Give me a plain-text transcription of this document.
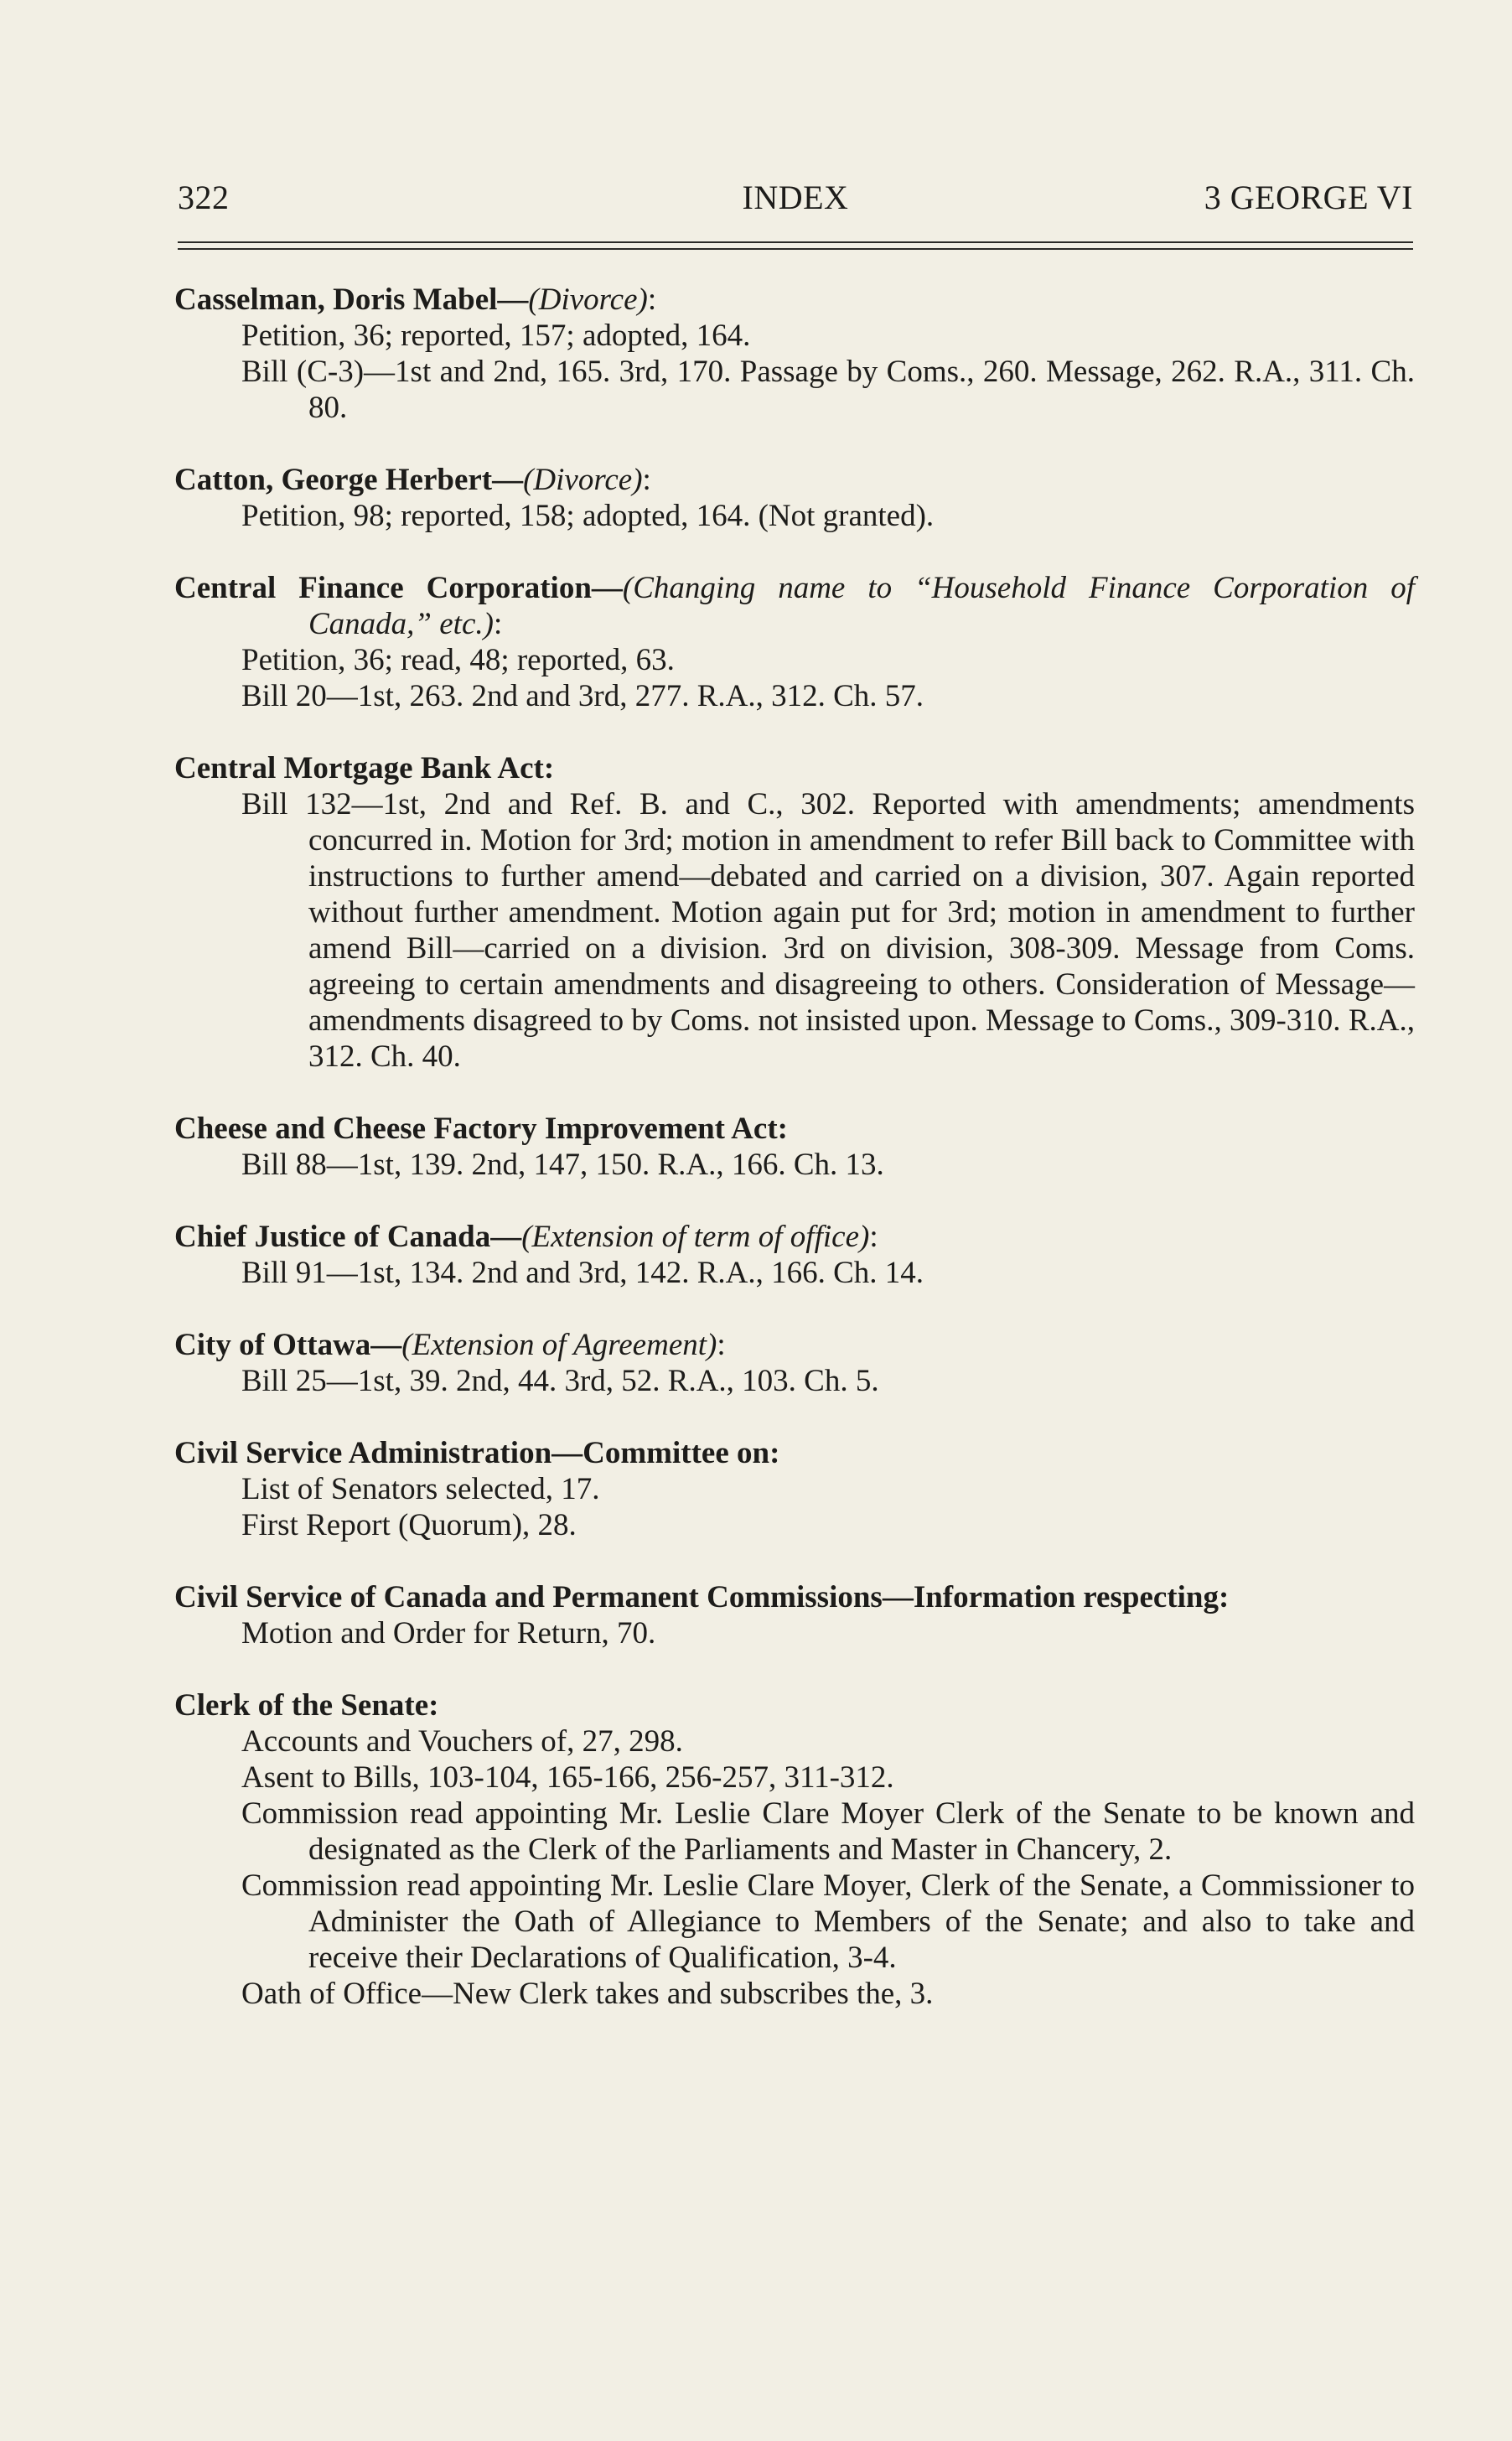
322	INDEX	3 GEORGE VI
Casselman, Doris Mabel—(Divorce):
Petition, 36; reported, 157; adopted, 164.
Bill (C-3)—1st and 2nd, 165. 3rd, 170. Passage by Coms., 260. Message, 262. R.A., 311. Ch. 80.
Catton, George Herbert—(Divorce):
Petition, 98; reported, 158; adopted, 164. (Not granted).
Central Finance Corporation—(Changing name to “Household Finance Corporation of Canada,” etc.):
Petition, 36; read, 48; reported, 63.
Bill 20—1st, 263. 2nd and 3rd, 277. R.A., 312. Ch. 57.
Central Mortgage Bank Act:
Bill 132—1st, 2nd and Ref. B. and C., 302. Reported with amendments; amendments concurred in. Motion for 3rd; motion in amendment to refer Bill back to Committee with instructions to further amend—debated and carried on a division, 307. Again reported without further amendment. Motion again put for 3rd; motion in amendment to further amend Bill—carried on a division. 3rd on division, 308-309. Message from Coms. agreeing to certain amendments and disagreeing to others. Consideration of Message—amendments disagreed to by Coms. not insisted upon. Message to Coms., 309-310. R.A., 312. Ch. 40.
Cheese and Cheese Factory Improvement Act:
Bill 88—1st, 139. 2nd, 147, 150. R.A., 166. Ch. 13.
Chief Justice of Canada—(Extension of term of office):
Bill 91—1st, 134. 2nd and 3rd, 142. R.A., 166. Ch. 14.
City of Ottawa—(Extension of Agreement):
Bill 25—1st, 39. 2nd, 44. 3rd, 52. R.A., 103. Ch. 5.
Civil Service Administration—Committee on:
List of Senators selected, 17.
First Report (Quorum), 28.
Civil Service of Canada and Permanent Commissions—Information respecting:
Motion and Order for Return, 70.
Clerk of the Senate:
Accounts and Vouchers of, 27, 298.
Asent to Bills, 103-104, 165-166, 256-257, 311-312.
Commission read appointing Mr. Leslie Clare Moyer Clerk of the Senate to be known and designated as the Clerk of the Parliaments and Master in Chancery, 2.
Commission read appointing Mr. Leslie Clare Moyer, Clerk of the Senate, a Commissioner to Administer the Oath of Allegiance to Members of the Senate; and also to take and receive their Declarations of Qualification, 3-4.
Oath of Office—New Clerk takes and subscribes the, 3.
